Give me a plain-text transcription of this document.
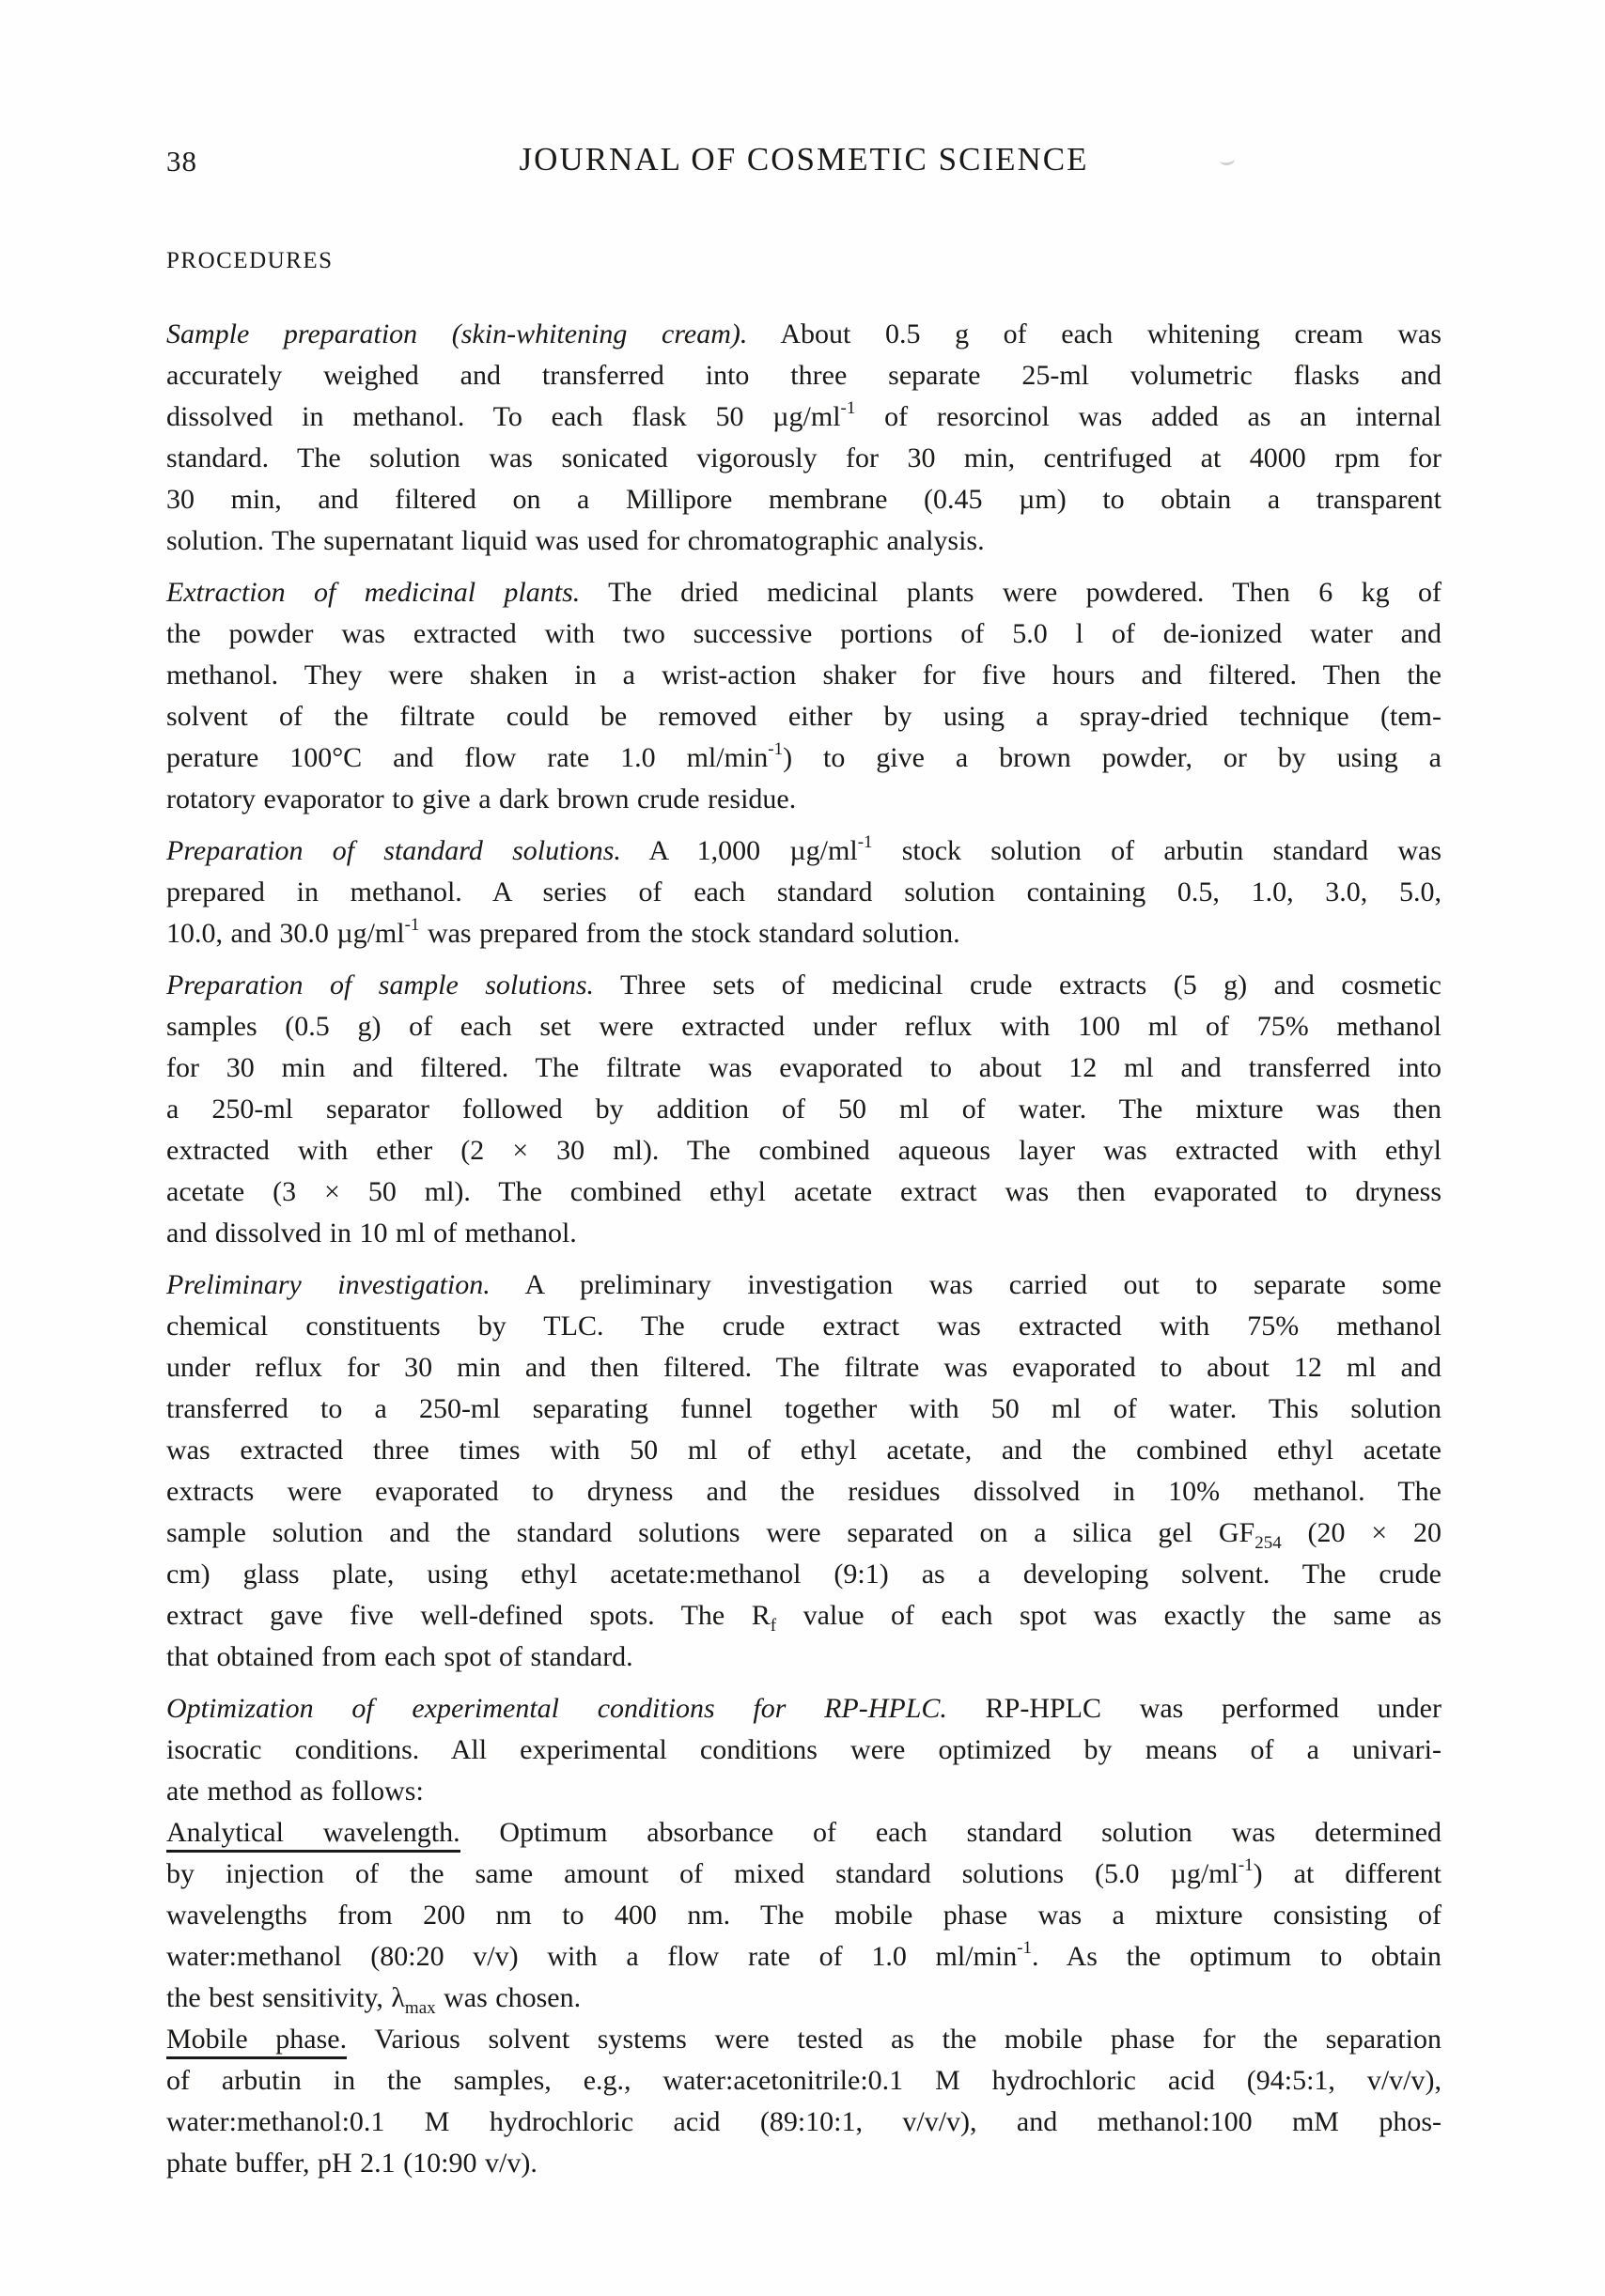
38	JOURNAL OF COSMETIC SCIENCE
PROCEDURES
Sample preparation (skin-whitening cream). About 0.5 g of each whitening cream was
accurately weighed and transferred into three separate 25-ml volumetric flasks and
dissolved in methanol. To each flask 50 $\mu g/ml^{-1}$ of resorcinol was added as an internal
standard. The solution was sonicated vigorously for 30 min, centrifuged at 4000 rpm for
30 min, and filtered on a Millipore membrane (0.45 µm) to obtain a transparent
solution. The supernatant liquid was used for chromatographic analysis.
Extraction of medicinal plants. The dried medicinal plants were powdered. Then 6 kg of
the powder was extracted with two successive portions of 5.0 l of de-ionized water and
methanol. They were shaken in a wrist-action shaker for five hours and filtered. Then the
solvent of the filtrate could be removed either by using a spray-dried technique (tem-
perature 100°C and flow rate 1.0 $ml/\min^{-1}$) to give a brown powder, or by using a
rotatory evaporator to give a dark brown crude residue.
Preparation of standard solutions. A 1,000 $\mu g/ml^{-1}$ stock solution of arbutin standard was
prepared in methanol. A series of each standard solution containing 0.5, 1.0, 3.0, 5.0,
10.0, and 30.0 $\mu g/ml^{-1}$ was prepared from the stock standard solution.
Preparation of sample solutions. Three sets of medicinal crude extracts (5 g) and cosmetic
samples (0.5 g) of each set were extracted under reflux with 100 ml of 75% methanol
for 30 min and filtered. The filtrate was evaporated to about 12 ml and transferred into
a 250-ml separator followed by addition of 50 ml of water. The mixture was then
extracted with ether (2 × 30 ml). The combined aqueous layer was extracted with ethyl
acetate (3 × 50 ml). The combined ethyl acetate extract was then evaporated to dryness
and dissolved in 10 ml of methanol.
Preliminary investigation. A preliminary investigation was carried out to separate some
chemical constituents by TLC. The crude extract was extracted with 75% methanol
under reflux for 30 min and then filtered. The filtrate was evaporated to about 12 ml and
transferred to a 250-ml separating funnel together with 50 ml of water. This solution
was extracted three times with 50 ml of ethyl acetate, and the combined ethyl acetate
extracts were evaporated to dryness and the residues dissolved in 10% methanol. The
sample solution and the standard solutions were separated on a silica gel $GF_{254}$ (20 × 20
cm) glass plate, using ethyl acetate:methanol (9:1) as a developing solvent. The crude
extract gave five well-defined spots. The $R_f$ value of each spot was exactly the same as
that obtained from each spot of standard.
Optimization of experimental conditions for RP-HPLC. RP-HPLC was performed under
isocratic conditions. All experimental conditions were optimized by means of a univari-
ate method as follows:
Analytical wavelength. Optimum absorbance of each standard solution was determined
by injection of the same amount of mixed standard solutions (5.0 $\mu g/ml^{-1}$) at different
wavelengths from 200 nm to 400 nm. The mobile phase was a mixture consisting of
water:methanol (80:20 v/v) with a flow rate of 1.0 $ml/\min^{-1}$. As the optimum to obtain
the best sensitivity, $\lambda_{max}$ was chosen.
Mobile phase. Various solvent systems were tested as the mobile phase for the separation
of arbutin in the samples, e.g., water:acetonitrile:0.1 M hydrochloric acid (94:5:1, v/v/v),
water:methanol:0.1 M hydrochloric acid (89:10:1, v/v/v), and methanol:100 mM phos-
phate buffer, pH 2.1 (10:90 v/v).
